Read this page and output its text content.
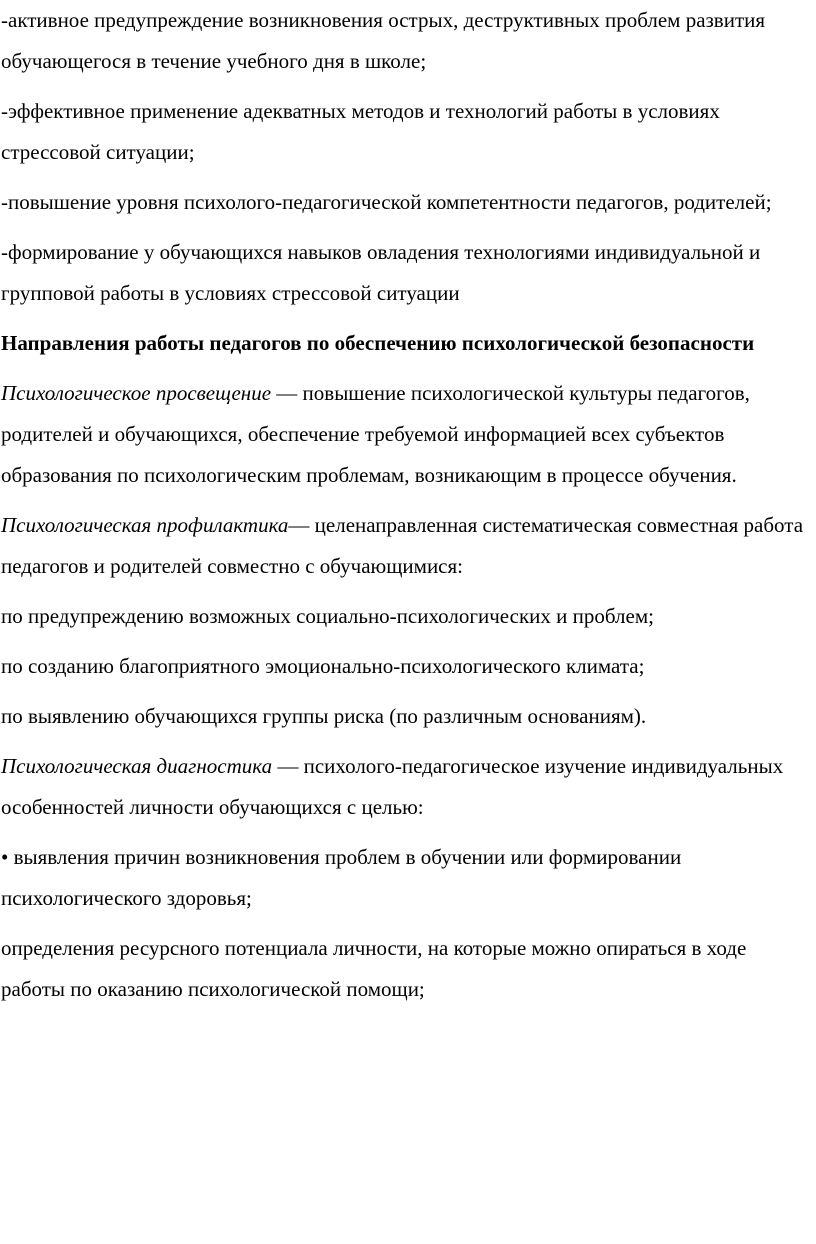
-активное предупреждение возникновения острых, деструктивных проблем развития обучающегося в течение учебного дня в школе;

-эффективное применение адекватных методов и технологий работы в условиях стрессовой ситуации;

-повышение уровня психолого-педагогической компетентности педагогов, родителей;

-формирование у обучающихся навыков овладения технологиями индивидуальной и групповой работы в условиях стрессовой ситуации

Направления работы педагогов по обеспечению психологической безопасности

Психологическое просвещение — повышение психологической культуры педагогов, родителей и обучающихся, обеспечение требуемой информацией всех субъектов образования по психологическим проблемам, возникающим в процессе обучения.

Психологическая профилактика— целенаправленная систематическая совместная работа педагогов и родителей совместно с обучающимися:

по предупреждению возможных социально-психологических и проблем;

по созданию благоприятного эмоционально-психологического климата;

по выявлению обучающихся группы риска (по различным основаниям).

Психологическая диагностика — психолого-педагогическое изучение индивидуальных особенностей личности обучающихся с целью:

• выявления причин возникновения проблем в обучении или формировании психологического здоровья;

определения ресурсного потенциала личности, на которые можно опираться в ходе работы по оказанию психологической помощи;
